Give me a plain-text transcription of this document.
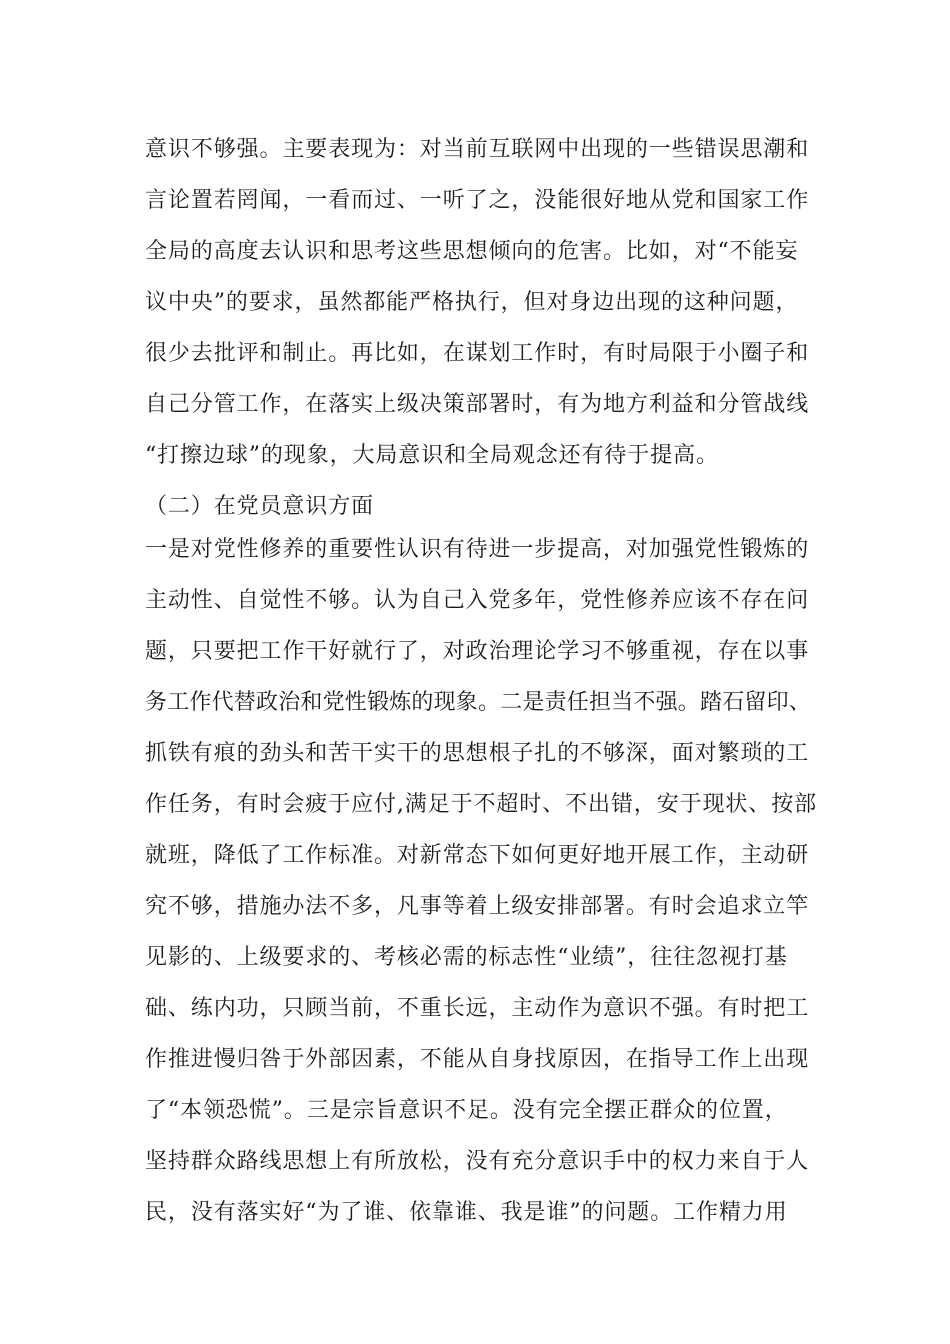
意识不够强。主要表现为：对当前互联网中出现的一些错误思潮和
言论置若罔闻，一看而过、一听了之，没能很好地从党和国家工作
全局的高度去认识和思考这些思想倾向的危害。比如，对“不能妄
议中央”的要求，虽然都能严格执行，但对身边出现的这种问题，
很少去批评和制止。再比如，在谋划工作时，有时局限于小圈子和
自己分管工作，在落实上级决策部署时，有为地方利益和分管战线
“打擦边球”的现象，大局意识和全局观念还有待于提高。
（二）在党员意识方面
一是对党性修养的重要性认识有待进一步提高，对加强党性锻炼的
主动性、自觉性不够。认为自己入党多年，党性修养应该不存在问
题，只要把工作干好就行了，对政治理论学习不够重视，存在以事
务工作代替政治和党性锻炼的现象。二是责任担当不强。踏石留印、
抓铁有痕的劲头和苦干实干的思想根子扎的不够深，面对繁琐的工
作任务，有时会疲于应付,满足于不超时、不出错，安于现状、按部
就班，降低了工作标准。对新常态下如何更好地开展工作，主动研
究不够，措施办法不多，凡事等着上级安排部署。有时会追求立竿
见影的、上级要求的、考核必需的标志性“业绩”，往往忽视打基
础、练内功，只顾当前，不重长远，主动作为意识不强。有时把工
作推进慢归咎于外部因素，不能从自身找原因，在指导工作上出现
了“本领恐慌”。三是宗旨意识不足。没有完全摆正群众的位置，
坚持群众路线思想上有所放松，没有充分意识手中的权力来自于人
民，没有落实好“为了谁、依靠谁、我是谁”的问题。工作精力用
